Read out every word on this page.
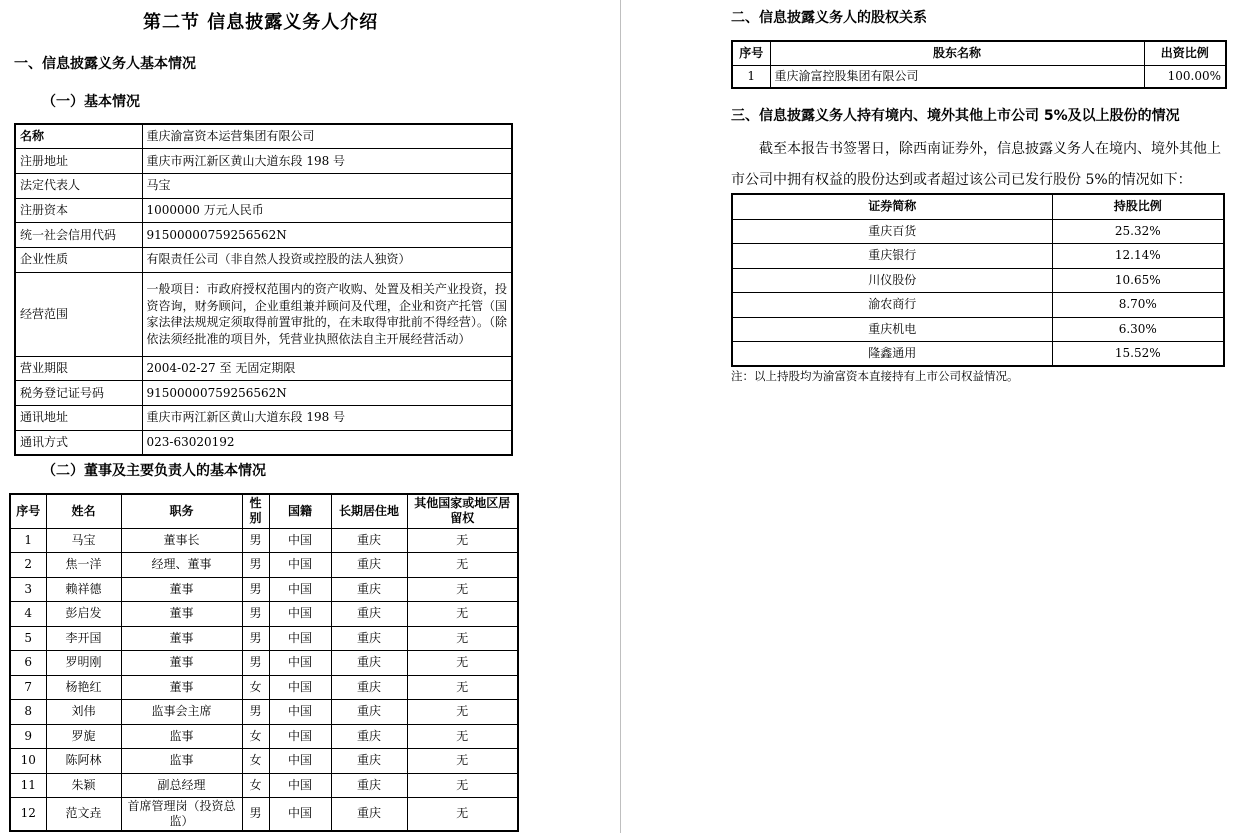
第二节 信息披露义务人介绍
一、信息披露义务人基本情况
（一）基本情况
名称	重庆渝富资本运营集团有限公司
注册地址	重庆市两江新区黄山大道东段 198 号
法定代表人	马宝
注册资本	1000000 万元人民币
统一社会信用代码	91500000759256562N
企业性质	有限责任公司（非自然人投资或控股的法人独资）
经营范围	一般项目：市政府授权范围内的资产收购、处置及相关产业投资，投资咨询，财务顾问，企业重组兼并顾问及代理，企业和资产托管（国家法律法规规定须取得前置审批的，在未取得审批前不得经营）。（除依法须经批准的项目外，凭营业执照依法自主开展经营活动）
营业期限	2004-02-27 至 无固定期限
税务登记证号码	91500000759256562N
通讯地址	重庆市两江新区黄山大道东段 198 号
通讯方式	023-63020192
（二）董事及主要负责人的基本情况
序号	姓名	职务	性别	国籍	长期居住地	其他国家或地区居留权
1	马宝	董事长	男	中国	重庆	无
2	焦一洋	经理、董事	男	中国	重庆	无
3	赖祥德	董事	男	中国	重庆	无
4	彭启发	董事	男	中国	重庆	无
5	李开国	董事	男	中国	重庆	无
6	罗明刚	董事	男	中国	重庆	无
7	杨艳红	董事	女	中国	重庆	无
8	刘伟	监事会主席	男	中国	重庆	无
9	罗旎	监事	女	中国	重庆	无
10	陈阿林	监事	女	中国	重庆	无
11	朱颖	副总经理	女	中国	重庆	无
12	范文垚	首席管理岗（投资总监）	男	中国	重庆	无
二、信息披露义务人的股权关系
序号	股东名称	出资比例
1	重庆渝富控股集团有限公司	100.00%
三、信息披露义务人持有境内、境外其他上市公司 5%及以上股份的情况
截至本报告书签署日，除西南证券外，信息披露义务人在境内、境外其他上市公司中拥有权益的股份达到或者超过该公司已发行股份 5%的情况如下：
证券简称	持股比例
重庆百货	25.32%
重庆银行	12.14%
川仪股份	10.65%
渝农商行	8.70%
重庆机电	6.30%
隆鑫通用	15.52%
注：以上持股均为渝富资本直接持有上市公司权益情况。
